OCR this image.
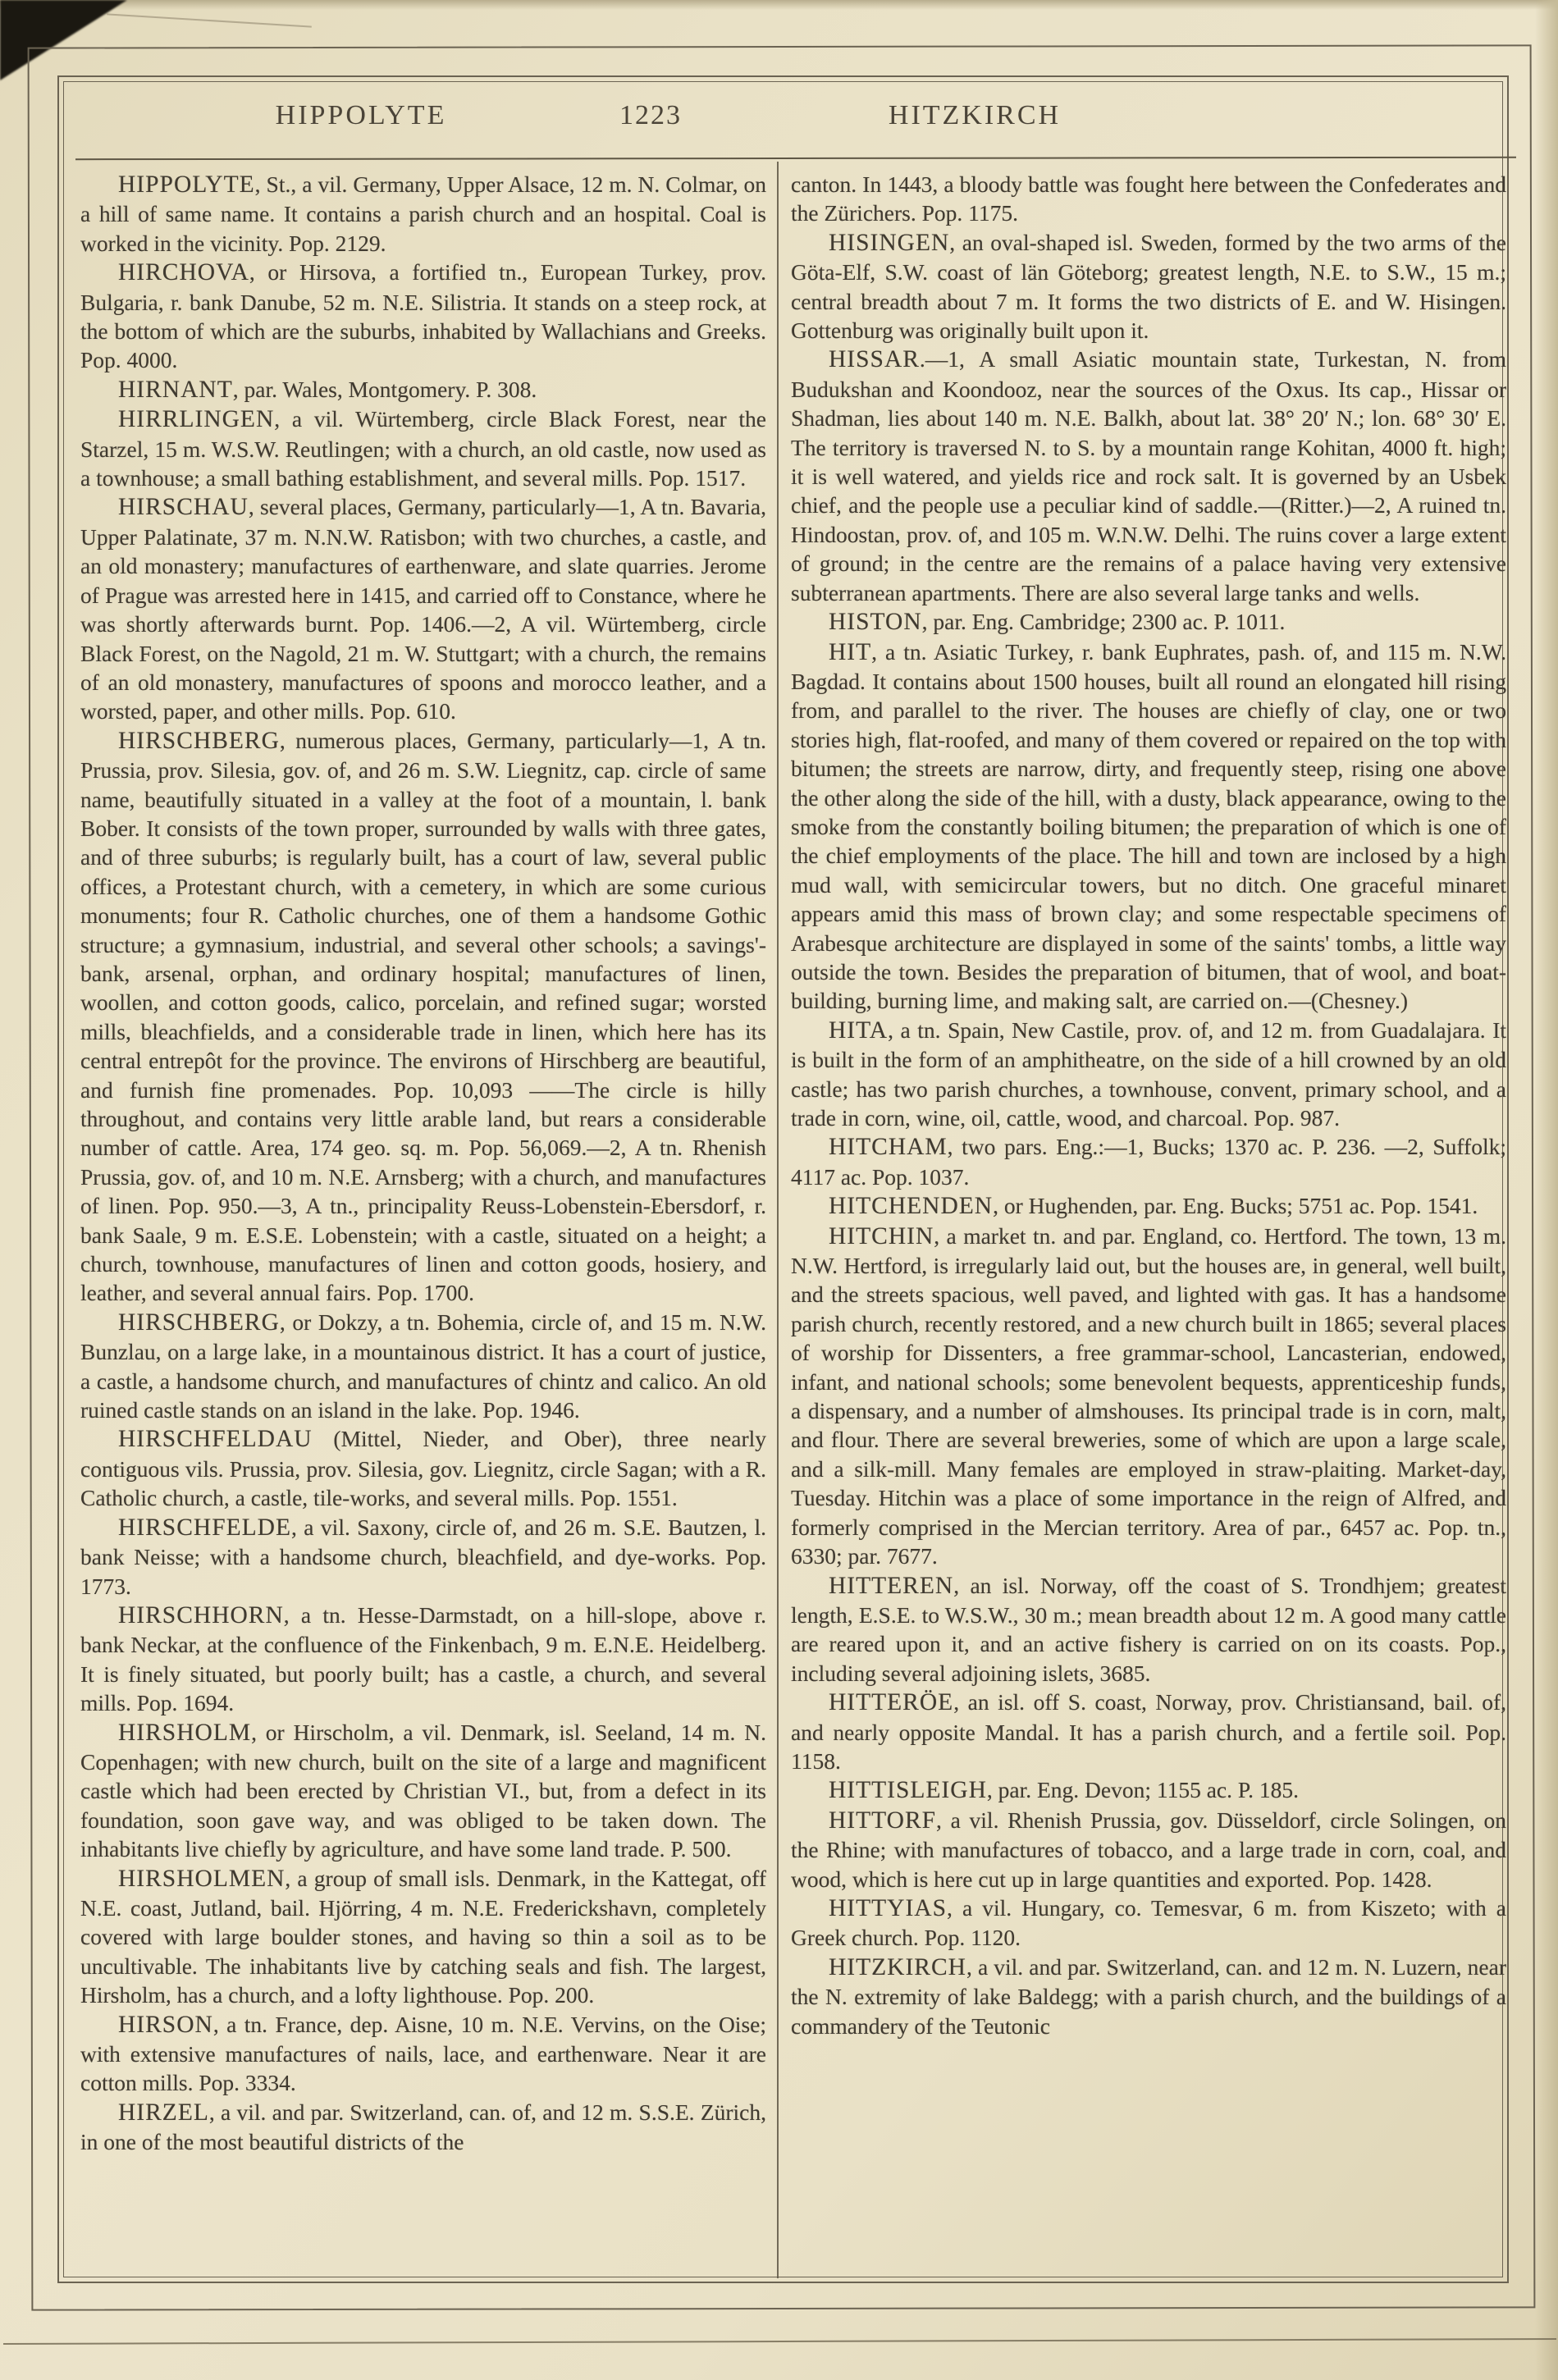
HIPPOLYTE	1223	HITZKIRCH

HIPPOLYTE, St., a vil. Germany, Upper Alsace, 12 m. N. Colmar, on a hill of same name. It contains a parish church and an hospital. Coal is worked in the vicinity. Pop. 2129.

HIRCHOVA, or Hirsova, a fortified tn., European Turkey, prov. Bulgaria, r. bank Danube, 52 m. N.E. Silistria. It stands on a steep rock, at the bottom of which are the suburbs, inhabited by Wallachians and Greeks. Pop. 4000.

HIRNANT, par. Wales, Montgomery. P. 308.

HIRRLINGEN, a vil. Würtemberg, circle Black Forest, near the Starzel, 15 m. W.S.W. Reutlingen; with a church, an old castle, now used as a townhouse; a small bathing establishment, and several mills. Pop. 1517.

HIRSCHAU, several places, Germany, particularly—1, A tn. Bavaria, Upper Palatinate, 37 m. N.N.W. Ratisbon; with two churches, a castle, and an old monastery; manufactures of earthenware, and slate quarries. Jerome of Prague was arrested here in 1415, and carried off to Constance, where he was shortly afterwards burnt. Pop. 1406.—2, A vil. Würtemberg, circle Black Forest, on the Nagold, 21 m. W. Stuttgart; with a church, the remains of an old monastery, manufactures of spoons and morocco leather, and a worsted, paper, and other mills. Pop. 610.

HIRSCHBERG, numerous places, Germany, particularly—1, A tn. Prussia, prov. Silesia, gov. of, and 26 m. S.W. Liegnitz, cap. circle of same name, beautifully situated in a valley at the foot of a mountain, l. bank Bober. It consists of the town proper, surrounded by walls with three gates, and of three suburbs; is regularly built, has a court of law, several public offices, a Protestant church, with a cemetery, in which are some curious monuments; four R. Catholic churches, one of them a handsome Gothic structure; a gymnasium, industrial, and several other schools; a savings'-bank, arsenal, orphan, and ordinary hospital; manufactures of linen, woollen, and cotton goods, calico, porcelain, and refined sugar; worsted mills, bleachfields, and a considerable trade in linen, which here has its central entrepôt for the province. The environs of Hirschberg are beautiful, and furnish fine promenades. Pop. 10,093 ——The circle is hilly throughout, and contains very little arable land, but rears a considerable number of cattle. Area, 174 geo. sq. m. Pop. 56,069.—2, A tn. Rhenish Prussia, gov. of, and 10 m. N.E. Arnsberg; with a church, and manufactures of linen. Pop. 950.—3, A tn., principality Reuss-Lobenstein-Ebersdorf, r. bank Saale, 9 m. E.S.E. Lobenstein; with a castle, situated on a height; a church, townhouse, manufactures of linen and cotton goods, hosiery, and leather, and several annual fairs. Pop. 1700.

HIRSCHBERG, or Dokzy, a tn. Bohemia, circle of, and 15 m. N.W. Bunzlau, on a large lake, in a mountainous district. It has a court of justice, a castle, a handsome church, and manufactures of chintz and calico. An old ruined castle stands on an island in the lake. Pop. 1946.

HIRSCHFELDAU (Mittel, Nieder, and Ober), three nearly contiguous vils. Prussia, prov. Silesia, gov. Liegnitz, circle Sagan; with a R. Catholic church, a castle, tile-works, and several mills. Pop. 1551.

HIRSCHFELDE, a vil. Saxony, circle of, and 26 m. S.E. Bautzen, l. bank Neisse; with a handsome church, bleachfield, and dye-works. Pop. 1773.

HIRSCHHORN, a tn. Hesse-Darmstadt, on a hill-slope, above r. bank Neckar, at the confluence of the Finkenbach, 9 m. E.N.E. Heidelberg. It is finely situated, but poorly built; has a castle, a church, and several mills. Pop. 1694.

HIRSHOLM, or Hirscholm, a vil. Denmark, isl. Seeland, 14 m. N. Copenhagen; with new church, built on the site of a large and magnificent castle which had been erected by Christian VI., but, from a defect in its foundation, soon gave way, and was obliged to be taken down. The inhabitants live chiefly by agriculture, and have some land trade. P. 500.

HIRSHOLMEN, a group of small isls. Denmark, in the Kattegat, off N.E. coast, Jutland, bail. Hjörring, 4 m. N.E. Frederickshavn, completely covered with large boulder stones, and having so thin a soil as to be uncultivable. The inhabitants live by catching seals and fish. The largest, Hirsholm, has a church, and a lofty lighthouse. Pop. 200.

HIRSON, a tn. France, dep. Aisne, 10 m. N.E. Vervins, on the Oise; with extensive manufactures of nails, lace, and earthenware. Near it are cotton mills. Pop. 3334.

HIRZEL, a vil. and par. Switzerland, can. of, and 12 m. S.S.E. Zürich, in one of the most beautiful districts of the

canton. In 1443, a bloody battle was fought here between the Confederates and the Zürichers. Pop. 1175.

HISINGEN, an oval-shaped isl. Sweden, formed by the two arms of the Göta-Elf, S.W. coast of län Göteborg; greatest length, N.E. to S.W., 15 m.; central breadth about 7 m. It forms the two districts of E. and W. Hisingen. Gottenburg was originally built upon it.

HISSAR.—1, A small Asiatic mountain state, Turkestan, N. from Budukshan and Koondooz, near the sources of the Oxus. Its cap., Hissar or Shadman, lies about 140 m. N.E. Balkh, about lat. 38° 20′ N.; lon. 68° 30′ E. The territory is traversed N. to S. by a mountain range Kohitan, 4000 ft. high; it is well watered, and yields rice and rock salt. It is governed by an Usbek chief, and the people use a peculiar kind of saddle.—(Ritter.)—2, A ruined tn. Hindoostan, prov. of, and 105 m. W.N.W. Delhi. The ruins cover a large extent of ground; in the centre are the remains of a palace having very extensive subterranean apartments. There are also several large tanks and wells.

HISTON, par. Eng. Cambridge; 2300 ac. P. 1011.

HIT, a tn. Asiatic Turkey, r. bank Euphrates, pash. of, and 115 m. N.W. Bagdad. It contains about 1500 houses, built all round an elongated hill rising from, and parallel to the river. The houses are chiefly of clay, one or two stories high, flat-roofed, and many of them covered or repaired on the top with bitumen; the streets are narrow, dirty, and frequently steep, rising one above the other along the side of the hill, with a dusty, black appearance, owing to the smoke from the constantly boiling bitumen; the preparation of which is one of the chief employments of the place. The hill and town are inclosed by a high mud wall, with semicircular towers, but no ditch. One graceful minaret appears amid this mass of brown clay; and some respectable specimens of Arabesque architecture are displayed in some of the saints' tombs, a little way outside the town. Besides the preparation of bitumen, that of wool, and boat-building, burning lime, and making salt, are carried on.—(Chesney.)

HITA, a tn. Spain, New Castile, prov. of, and 12 m. from Guadalajara. It is built in the form of an amphitheatre, on the side of a hill crowned by an old castle; has two parish churches, a townhouse, convent, primary school, and a trade in corn, wine, oil, cattle, wood, and charcoal. Pop. 987.

HITCHAM, two pars. Eng.:—1, Bucks; 1370 ac. P. 236. —2, Suffolk; 4117 ac. Pop. 1037.

HITCHENDEN, or Hughenden, par. Eng. Bucks; 5751 ac. Pop. 1541.

HITCHIN, a market tn. and par. England, co. Hertford. The town, 13 m. N.W. Hertford, is irregularly laid out, but the houses are, in general, well built, and the streets spacious, well paved, and lighted with gas. It has a handsome parish church, recently restored, and a new church built in 1865; several places of worship for Dissenters, a free grammar-school, Lancasterian, endowed, infant, and national schools; some benevolent bequests, apprenticeship funds, a dispensary, and a number of almshouses. Its principal trade is in corn, malt, and flour. There are several breweries, some of which are upon a large scale, and a silk-mill. Many females are employed in straw-plaiting. Market-day, Tuesday. Hitchin was a place of some importance in the reign of Alfred, and formerly comprised in the Mercian territory. Area of par., 6457 ac. Pop. tn., 6330; par. 7677.

HITTEREN, an isl. Norway, off the coast of S. Trondhjem; greatest length, E.S.E. to W.S.W., 30 m.; mean breadth about 12 m. A good many cattle are reared upon it, and an active fishery is carried on on its coasts. Pop., including several adjoining islets, 3685.

HITTERÖE, an isl. off S. coast, Norway, prov. Christiansand, bail. of, and nearly opposite Mandal. It has a parish church, and a fertile soil. Pop. 1158.

HITTISLEIGH, par. Eng. Devon; 1155 ac. P. 185.

HITTORF, a vil. Rhenish Prussia, gov. Düsseldorf, circle Solingen, on the Rhine; with manufactures of tobacco, and a large trade in corn, coal, and wood, which is here cut up in large quantities and exported. Pop. 1428.

HITTYIAS, a vil. Hungary, co. Temesvar, 6 m. from Kiszeto; with a Greek church. Pop. 1120.

HITZKIRCH, a vil. and par. Switzerland, can. and 12 m. N. Luzern, near the N. extremity of lake Baldegg; with a parish church, and the buildings of a commandery of the Teutonic
